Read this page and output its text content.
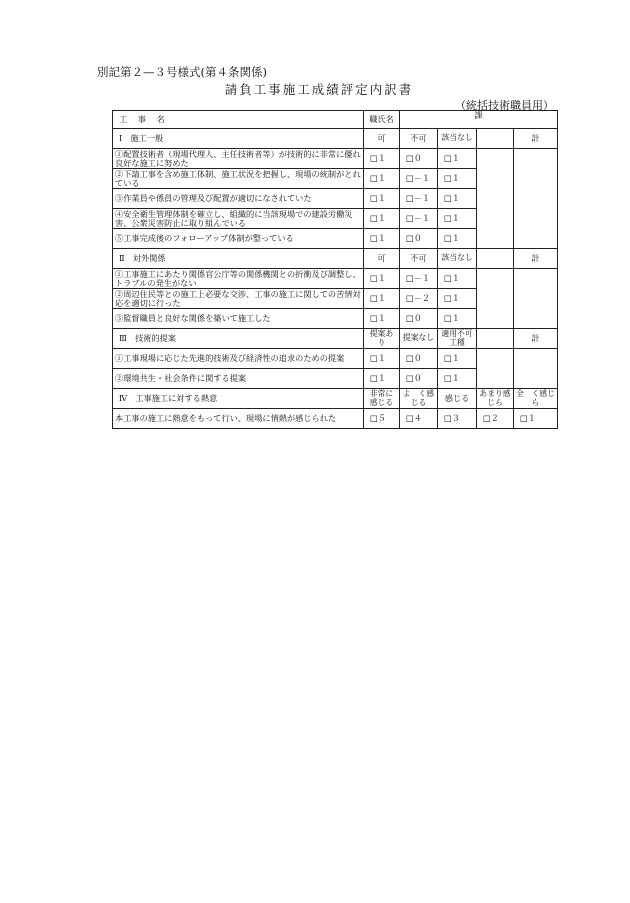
別記第２—３号様式(第４条関係)
請負工事施工成績評定内訳書
（統括技術職員用）
工 事 名	職氏名	課			
Ⅰ　施工一般	可	不可	該当なし		計
①配置技術者（現場代理人、主任技術者等）が技術的に非常に優れ良好な施工に努めた	□１	□０	□１		
②下請工事を含め施工体制、施工状況を把握し、現場の統制がとれている	□１	□－１	□１		
③作業員や係員の管理及び配置が適切になされていた	□１	□－１	□１		
④安全衛生管理体制を確立し、組織的に当該現場での建設労働災害、公衆災害防止に取り組んでいる	□１	□－１	□１		
⑤工事完成後のフォローアップ体制が整っている	□１	□０	□１		
Ⅱ　対外関係	可	不可	該当なし		計
①工事施工にあたり関係官公庁等の関係機関との折衝及び調整し、トラブルの発生がない	□１	□－１	□１		
②周辺住民等との施工上必要な交渉、工事の施工に関しての苦情対応を適切に行った	□１	□－２	□１		
③監督職員と良好な関係を築いて施工した	□１	□０	□１		
Ⅲ　技術的提案	提案あり	提案なし	適用不可工種		計
①工事現場に応じた先進的技術及び経済性の追求のための提案	□１	□０	□１		
②環境共生・社会条件に関する提案	□１	□０	□１		
Ⅳ　工事施工に対する熱意	非常に感じる	よ　く感じる	感じる	あまり感じら	全　く感じら
本工事の施工に熱意をもって行い、現場に情熱が感じられた	□５	□４	□３	□２	□１
